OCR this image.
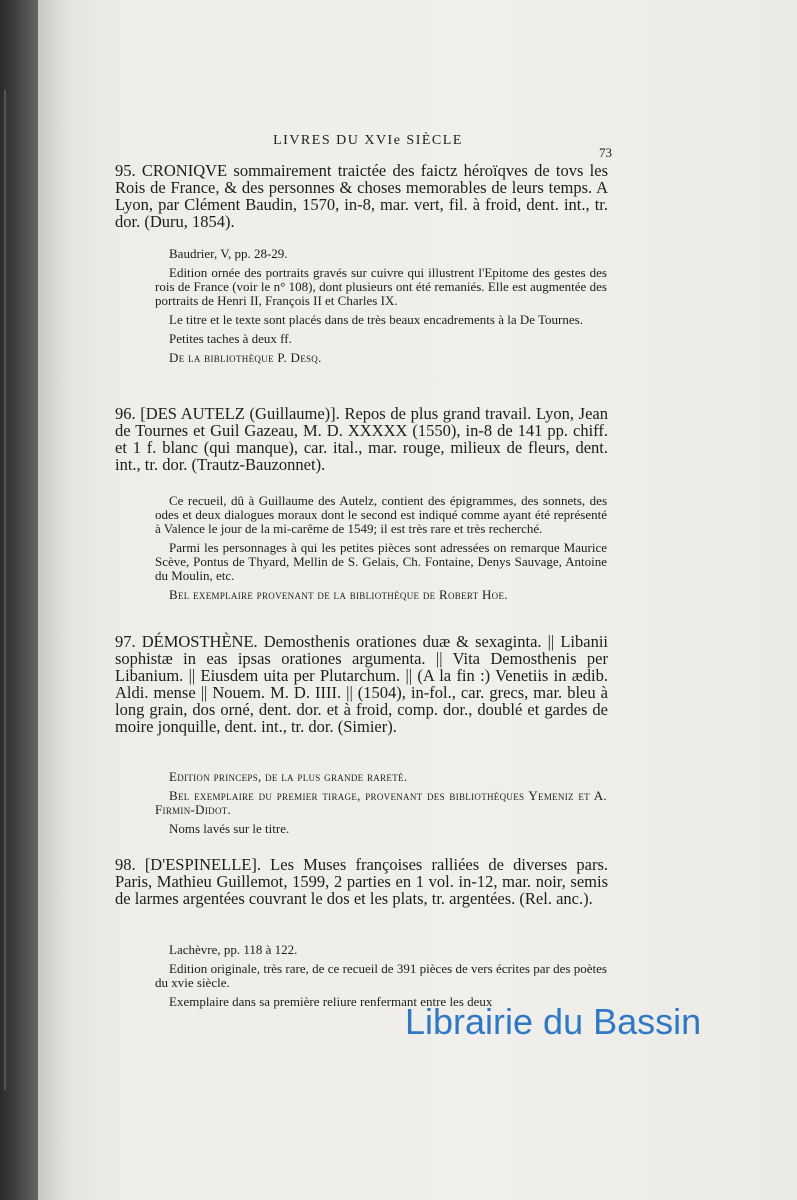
LIVRES DU XVIe SIÈCLE
73

95. CRONIQVE sommairement traictée des faictz héroïqves de tovs les Rois de France, & des personnes & choses memorables de leurs temps. A Lyon, par Clément Baudin, 1570, in-8, mar. vert, fil. à froid, dent. int., tr. dor. (Duru, 1854).

Baudrier, V, pp. 28-29.

Edition ornée des portraits gravés sur cuivre qui illustrent l'Epitome des gestes des rois de France (voir le n° 108), dont plusieurs ont été remaniés. Elle est augmentée des portraits de Henri II, François II et Charles IX.

Le titre et le texte sont placés dans de très beaux encadrements à la De Tournes.

Petites taches à deux ff.

De la bibliothèque P. Desq.

96. [DES AUTELZ (Guillaume)]. Repos de plus grand travail. Lyon, Jean de Tournes et Guil Gazeau, M. D. XXXXX (1550), in-8 de 141 pp. chiff. et 1 f. blanc (qui manque), car. ital., mar. rouge, milieux de fleurs, dent. int., tr. dor. (Trautz-Bauzonnet).

Ce recueil, dû à Guillaume des Autelz, contient des épigrammes, des sonnets, des odes et deux dialogues moraux dont le second est indiqué comme ayant été représenté à Valence le jour de la mi-carême de 1549; il est très rare et très recherché.

Parmi les personnages à qui les petites pièces sont adressées on remarque Maurice Scève, Pontus de Thyard, Mellin de S. Gelais, Ch. Fontaine, Denys Sauvage, Antoine du Moulin, etc.

Bel exemplaire provenant de la bibliothèque de Robert Hoe.

97. DÉMOSTHÈNE. Demosthenis orationes duæ & sexaginta. || Libanii sophistæ in eas ipsas orationes argumenta. || Vita Demosthenis per Libanium. || Eiusdem uita per Plutarchum. || (A la fin :) Venetiis in ædib. Aldi. mense || Nouem. M. D. IIII. || (1504), in-fol., car. grecs, mar. bleu à long grain, dos orné, dent. dor. et à froid, comp. dor., doublé et gardes de moire jonquille, dent. int., tr. dor. (Simier).

Edition princeps, de la plus grande rareté.

Bel exemplaire du premier tirage, provenant des bibliothèques Yemeniz et A. Firmin-Didot.

Noms lavés sur le titre.

98. [D'ESPINELLE]. Les Muses françoises ralliées de diverses pars. Paris, Mathieu Guillemot, 1599, 2 parties en 1 vol. in-12, mar. noir, semis de larmes argentées couvrant le dos et les plats, tr. argentées. (Rel. anc.).

Lachèvre, pp. 118 à 122.

Edition originale, très rare, de ce recueil de 391 pièces de vers écrites par des poètes du xvie siècle.

Exemplaire dans sa première reliure renfermant entre les deux

Librairie du Bassin
